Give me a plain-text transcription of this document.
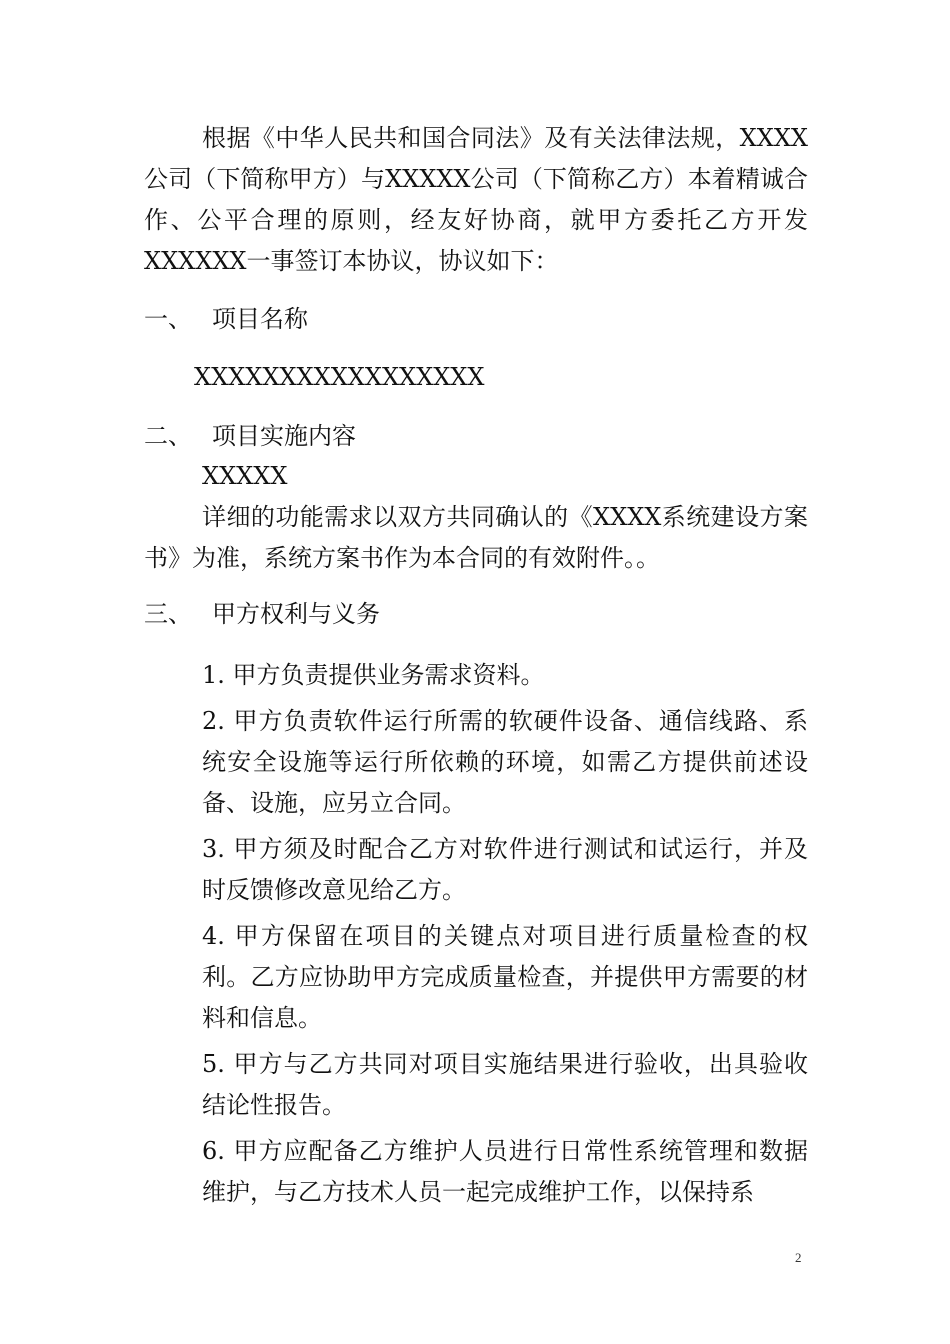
根据《中华人民共和国合同法》及有关法律法规，XXXX公司（下简称甲方）与XXXXX公司（下简称乙方）本着精诚合作、公平合理的原则，经友好协商，就甲方委托乙方开发XXXXXX一事签订本协议，协议如下：

一、 项目名称

XXXXXXXXXXXXXXXXX

二、 项目实施内容

XXXXX

详细的功能需求以双方共同确认的《XXXX系统建设方案书》为准，系统方案书作为本合同的有效附件。。

三、 甲方权利与义务

1. 甲方负责提供业务需求资料。
2. 甲方负责软件运行所需的软硬件设备、通信线路、系统安全设施等运行所依赖的环境，如需乙方提供前述设备、设施，应另立合同。
3. 甲方须及时配合乙方对软件进行测试和试运行，并及时反馈修改意见给乙方。
4. 甲方保留在项目的关键点对项目进行质量检查的权利。乙方应协助甲方完成质量检查，并提供甲方需要的材料和信息。
5. 甲方与乙方共同对项目实施结果进行验收，出具验收结论性报告。
6. 甲方应配备乙方维护人员进行日常性系统管理和数据维护，与乙方技术人员一起完成维护工作，以保持系
2
